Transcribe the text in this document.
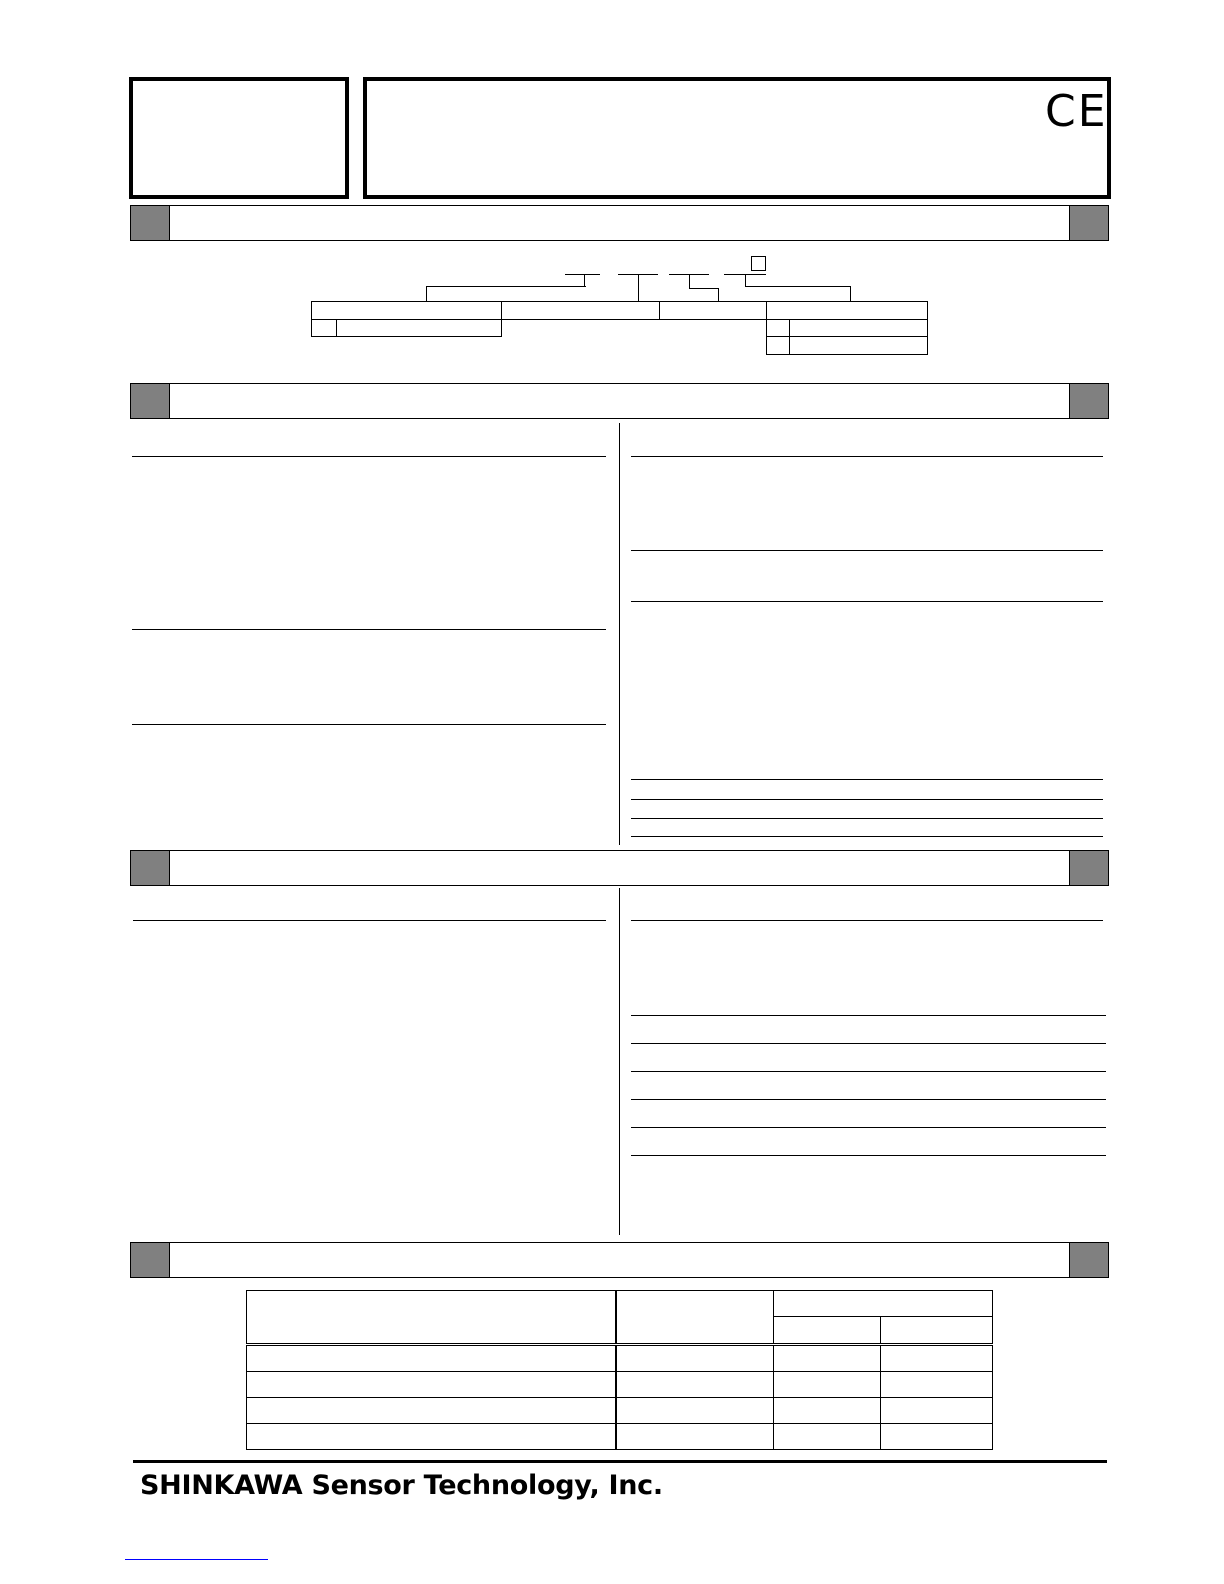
CE

SHINKAWA Sensor Technology, Inc.
